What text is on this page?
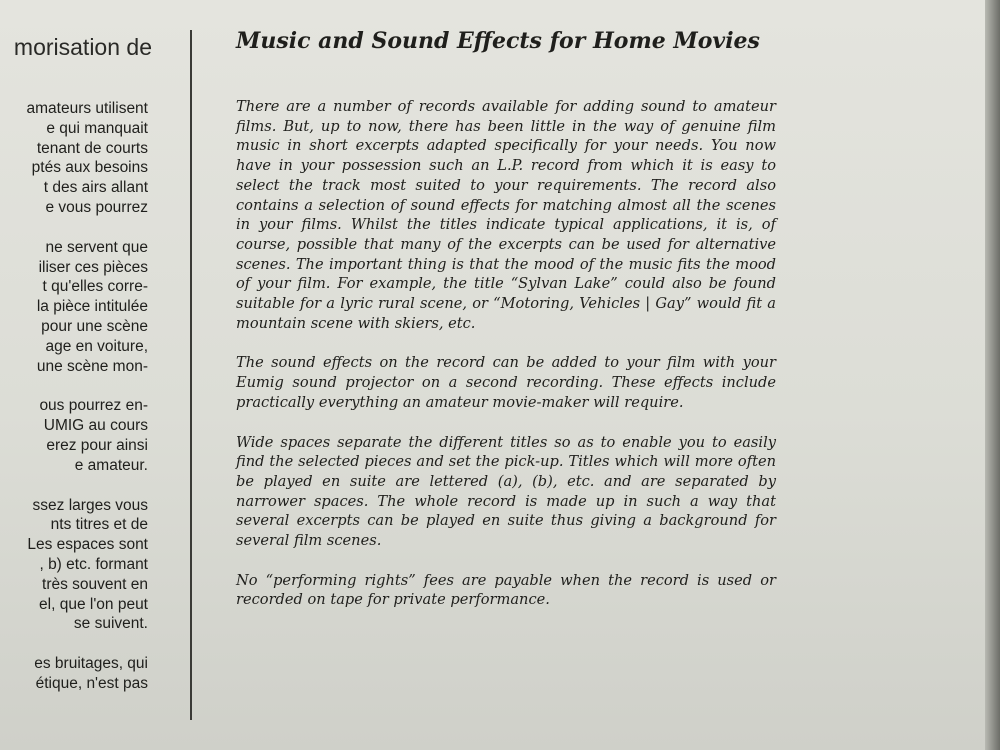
morisation de
amateurs utilisent
e qui manquait
tenant de courts
ptés aux besoins
t des airs allant
e vous pourrez
ne servent que
iliser ces pièces
t qu'elles corre-
la pièce intitulée
pour une scène
age en voiture,
une scène mon-
ous pourrez en-
UMIG au cours
erez pour ainsi
e amateur.
ssez larges vous
nts titres et de
Les espaces sont
, b) etc. formant
très souvent en
el, que l'on peut
se suivent.
es bruitages, qui
étique, n'est pas
Music and Sound Effects for Home Movies

There are a number of records available for adding sound to amateur films. But, up to now, there has been little in the way of genuine film music in short excerpts adapted specifically for your needs. You now have in your possession such an L.P. record from which it is easy to select the track most suited to your requirements. The record also contains a selection of sound effects for matching almost all the scenes in your films. Whilst the titles indicate typical applications, it is, of course, possible that many of the excerpts can be used for alternative scenes. The important thing is that the mood of the music fits the mood of your film. For example, the title “Sylvan Lake” could also be found suitable for a lyric rural scene, or “Motoring, Vehicles | Gay” would fit a mountain scene with skiers, etc.

The sound effects on the record can be added to your film with your Eumig sound projector on a second recording. These effects include practically everything an amateur movie-maker will require.

Wide spaces separate the different titles so as to enable you to easily find the selected pieces and set the pick-up. Titles which will more often be played en suite are lettered (a), (b), etc. and are separated by narrower spaces. The whole record is made up in such a way that several excerpts can be played en suite thus giving a background for several film scenes.

No “performing rights” fees are payable when the record is used or recorded on tape for private performance.
